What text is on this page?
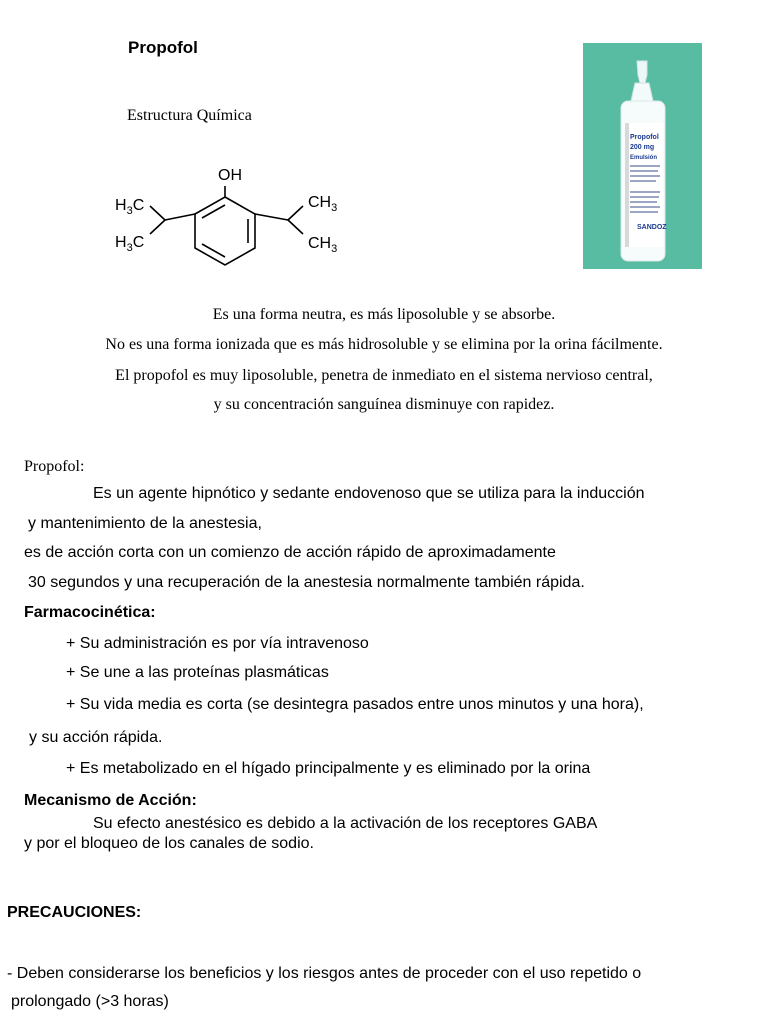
Propofol
Estructura Química
OH
$H_3C$
$H_3C$
$CH_3$
$CH_3$
Propofol
200 mg
Emulsión
SANDOZ
Es una forma neutra, es más liposoluble y se absorbe.
No es una forma ionizada que es más hidrosoluble y se elimina por la orina fácilmente.
El propofol es muy liposoluble, penetra de inmediato en el sistema nervioso central,
y su concentración sanguínea disminuye con rapidez.
Propofol:
Es un agente hipnótico y sedante endovenoso que se utiliza para la inducción
y mantenimiento de la anestesia,
es de acción corta con un comienzo de acción rápido de aproximadamente
30 segundos y una recuperación de la anestesia normalmente también rápida.
Farmacocinética:
+ Su administración es por vía intravenoso
+ Se une a las proteínas plasmáticas
+ Su vida media es corta (se desintegra pasados entre unos minutos y una hora),
y su acción rápida.
+ Es metabolizado en el hígado principalmente y es eliminado por la orina
Mecanismo de Acción:
Su efecto anestésico es debido a la activación de los receptores GABA
y por el bloqueo de los canales de sodio.
PRECAUCIONES:
- Deben considerarse los beneficios y los riesgos antes de proceder con el uso repetido o
prolongado (>3 horas)
